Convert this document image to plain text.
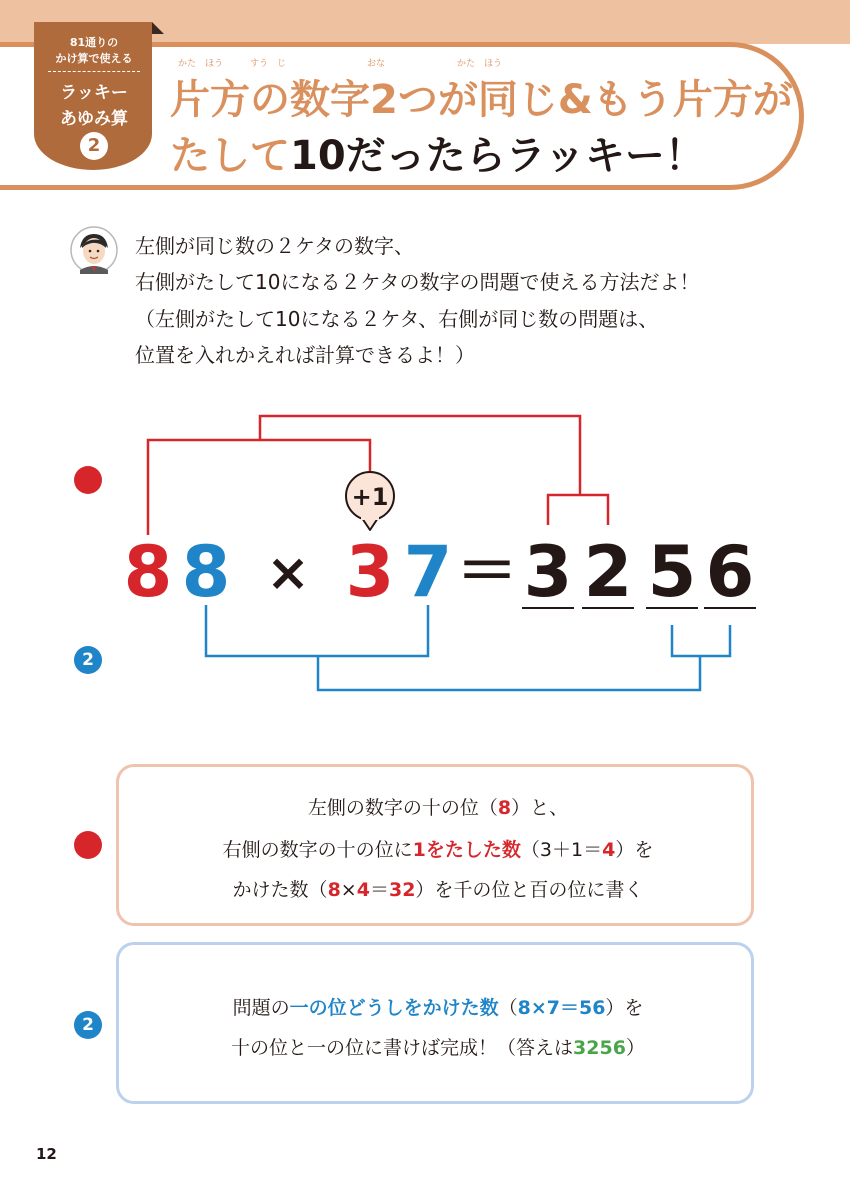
81通りの
かけ算で使える
ラッキー
あゆみ算
2
かた　ほう　　　すう　じ　　　　　　　　　おな　　　　　　　　かた　ほう
片方の数字2つが同じ&もう片方が
たして10だったらラッキー！
左側が同じ数の２ケタの数字、
右側がたして10になる２ケタの数字の問題で使える方法だよ！
（左側がたして10になる２ケタ、右側が同じ数の問題は、
位置を入れかえれば計算できるよ！）
+1
8 8 × 3 7 ＝ 3 2 5 6
1
2
1
左側の数字の十の位（8）と、
右側の数字の十の位に1をたした数（3＋1＝4）を
かけた数（8×4＝32）を千の位と百の位に書く
2
問題の一の位どうしをかけた数（8×7＝56）を
十の位と一の位に書けば完成！（答えは3256）
12
